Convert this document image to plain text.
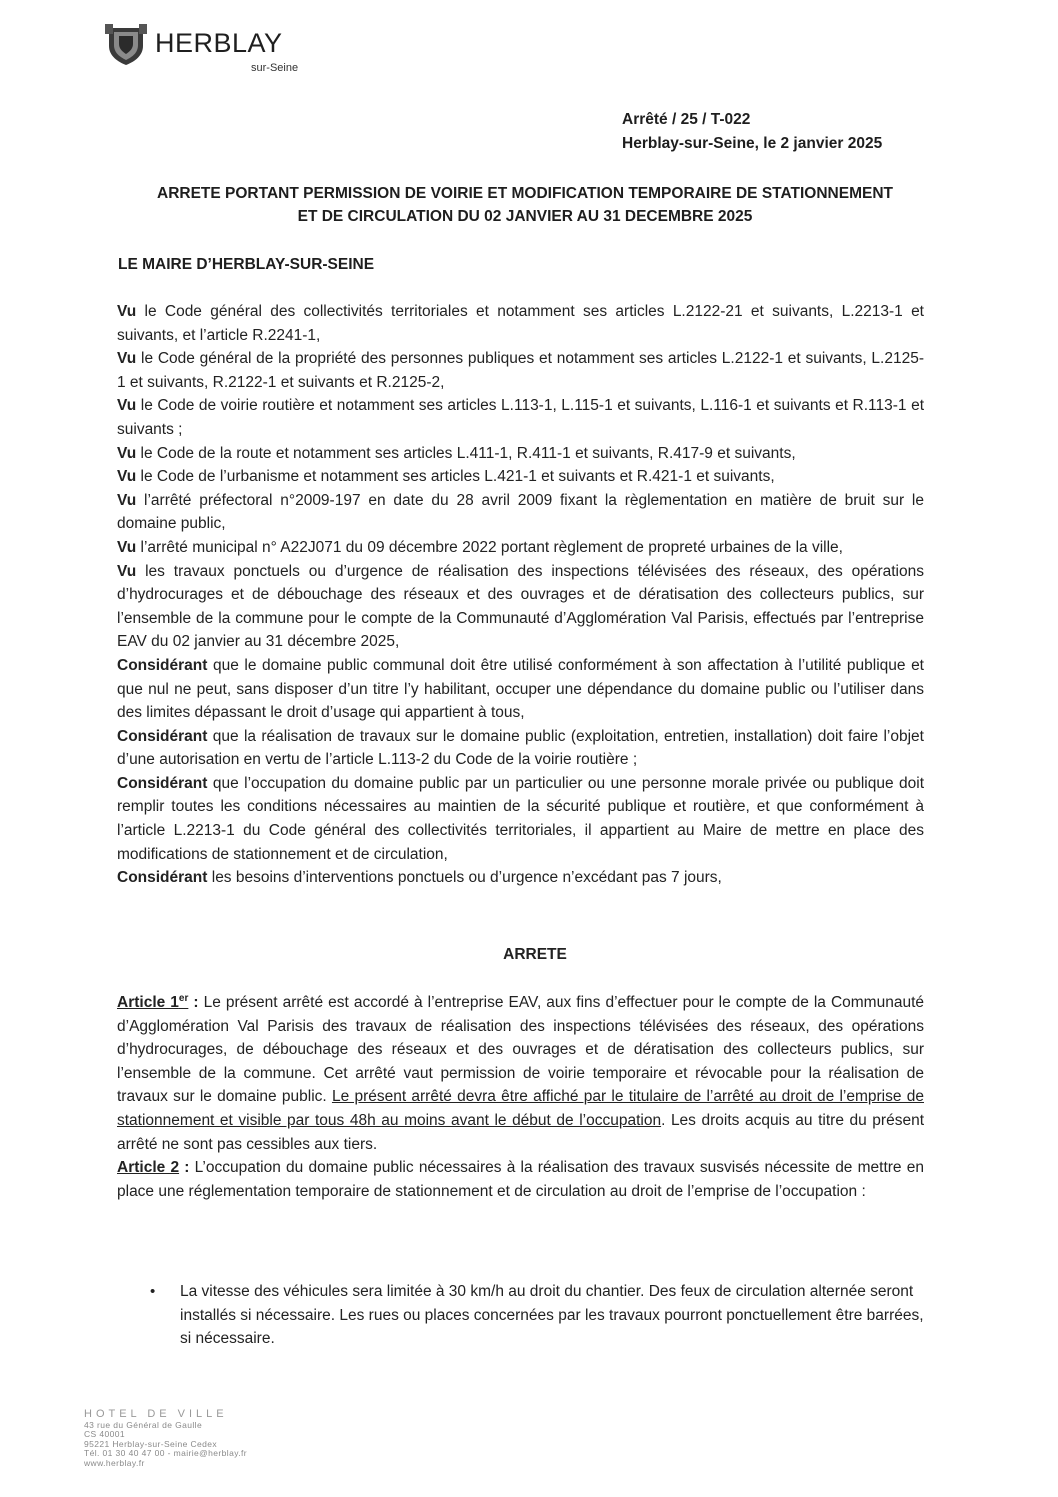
HERBLAY
sur-Seine
Arrêté / 25 / T-022
Herblay-sur-Seine, le 2 janvier 2025
ARRETE PORTANT PERMISSION DE VOIRIE ET MODIFICATION TEMPORAIRE DE STATIONNEMENT
ET DE CIRCULATION DU 02 JANVIER AU 31 DECEMBRE 2025
LE MAIRE D’HERBLAY-SUR-SEINE

Vu le Code général des collectivités territoriales et notamment ses articles L.2122-21 et suivants, L.2213-1 et suivants, et l’article R.2241-1,

Vu le Code général de la propriété des personnes publiques et notamment ses articles L.2122-1 et suivants, L.2125-1 et suivants, R.2122-1 et suivants et R.2125-2,

Vu le Code de voirie routière et notamment ses articles L.113-1, L.115-1 et suivants, L.116-1 et suivants et R.113-1 et suivants ;

Vu le Code de la route et notamment ses articles L.411-1, R.411-1 et suivants, R.417-9 et suivants,

Vu le Code de l’urbanisme et notamment ses articles L.421-1 et suivants et R.421-1 et suivants,

Vu l’arrêté préfectoral n°2009-197 en date du 28 avril 2009 fixant la règlementation en matière de bruit sur le domaine public,

Vu l’arrêté municipal n° A22J071 du 09 décembre 2022 portant règlement de propreté urbaines de la ville,

Vu les travaux ponctuels ou d’urgence de réalisation des inspections télévisées des réseaux, des opérations d’hydrocurages et de débouchage des réseaux et des ouvrages et de dératisation des collecteurs publics, sur l’ensemble de la commune pour le compte de la Communauté d’Agglomération Val Parisis, effectués par l’entreprise EAV du 02 janvier au 31 décembre 2025,

Considérant que le domaine public communal doit être utilisé conformément à son affectation à l’utilité publique et que nul ne peut, sans disposer d’un titre l’y habilitant, occuper une dépendance du domaine public ou l’utiliser dans des limites dépassant le droit d’usage qui appartient à tous,

Considérant que la réalisation de travaux sur le domaine public (exploitation, entretien, installation) doit faire l’objet d’une autorisation en vertu de l’article L.113-2 du Code de la voirie routière ;

Considérant que l’occupation du domaine public par un particulier ou une personne morale privée ou publique doit remplir toutes les conditions nécessaires au maintien de la sécurité publique et routière, et que conformément à l’article L.2213-1 du Code général des collectivités territoriales, il appartient au Maire de mettre en place des modifications de stationnement et de circulation,

Considérant les besoins d’interventions ponctuels ou d’urgence n’excédant pas 7 jours,

ARRETE

Article 1er : Le présent arrêté est accordé à l’entreprise EAV, aux fins d’effectuer pour le compte de la Communauté d’Agglomération Val Parisis des travaux de réalisation des inspections télévisées des réseaux, des opérations d’hydrocurages, de débouchage des réseaux et des ouvrages et de dératisation des collecteurs publics, sur l’ensemble de la commune. Cet arrêté vaut permission de voirie temporaire et révocable pour la réalisation de travaux sur le domaine public. Le présent arrêté devra être affiché par le titulaire de l’arrêté au droit de l’emprise de stationnement et visible par tous 48h au moins avant le début de l’occupation. Les droits acquis au titre du présent arrêté ne sont pas cessibles aux tiers.

Article 2 : L’occupation du domaine public nécessaires à la réalisation des travaux susvisés nécessite de mettre en place une réglementation temporaire de stationnement et de circulation au droit de l’emprise de l’occupation :

• La vitesse des véhicules sera limitée à 30 km/h au droit du chantier. Des feux de circulation alternée seront installés si nécessaire. Les rues ou places concernées par les travaux pourront ponctuellement être barrées, si nécessaire.
HOTEL DE VILLE
43 rue du Général de Gaulle
CS 40001
95221 Herblay-sur-Seine Cedex
Tél. 01 30 40 47 00 - mairie@herblay.fr
www.herblay.fr
